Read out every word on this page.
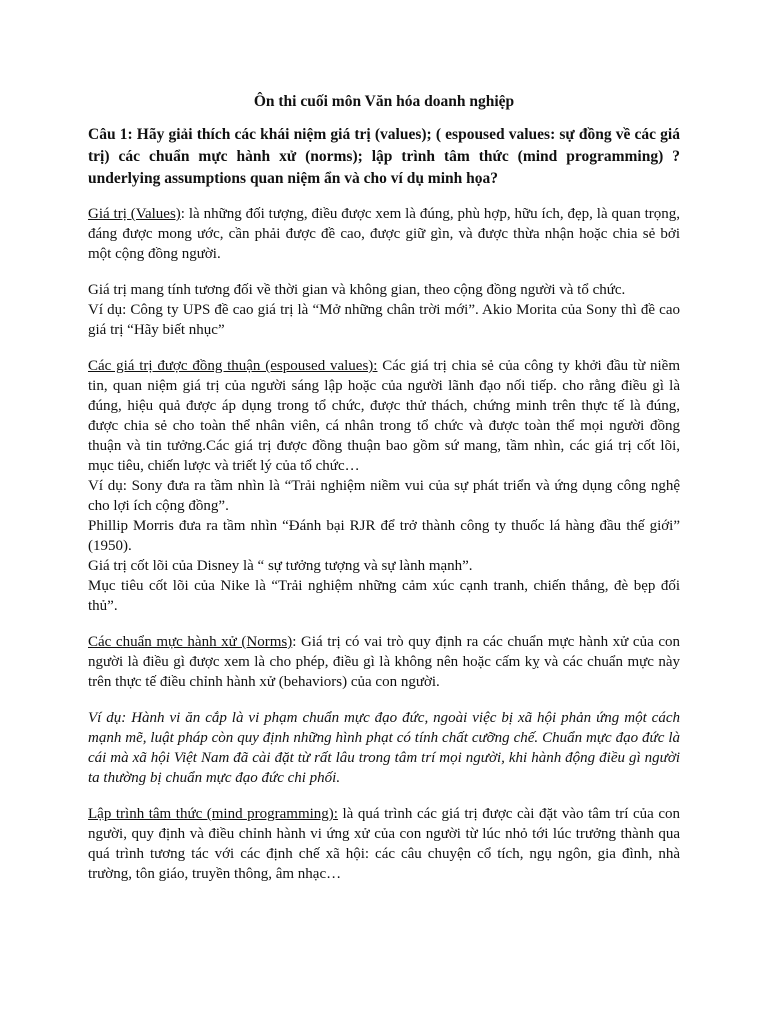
Ôn thi cuối môn Văn hóa doanh nghiệp
Câu 1: Hãy giải thích các khái niệm giá trị (values); ( espoused values: sự đồng về các giá trị) các chuẩn mực hành xử (norms); lập trình tâm thức (mind programming) ? underlying assumptions quan niệm ẩn và cho ví dụ minh họa?

Giá trị (Values): là những đối tượng, điều được xem là đúng, phù hợp, hữu ích, đẹp, là quan trọng, đáng được mong ước, cần phải được đề cao, được giữ gìn, và được thừa nhận hoặc chia sẻ bởi một cộng đồng người.

Giá trị mang tính tương đối về thời gian và không gian, theo cộng đồng người và tổ chức.

Ví dụ: Công ty UPS đề cao giá trị là “Mở những chân trời mới”. Akio Morita của Sony thì đề cao giá trị “Hãy biết nhục”

Các giá trị được đồng thuận (espoused values): Các giá trị chia sẻ của công ty khởi đầu từ niềm tin, quan niệm giá trị của người sáng lập hoặc của người lãnh đạo nối tiếp. cho rằng điều gì là đúng, hiệu quả được áp dụng trong tổ chức, được thử thách, chứng minh trên thực tế là đúng, được chia sẻ cho toàn thể nhân viên, cá nhân trong tổ chức và được toàn thể mọi người đồng thuận và tin tưởng.Các giá trị được đồng thuận bao gồm sứ mang, tầm nhìn, các giá trị cốt lõi, mục tiêu, chiến lược và triết lý của tổ chức…

Ví dụ: Sony đưa ra tầm nhìn là “Trải nghiệm niềm vui của sự phát triển và ứng dụng công nghệ cho lợi ích cộng đồng”.

Phillip Morris đưa ra tầm nhìn “Đánh bại RJR để trở thành công ty thuốc lá hàng đầu thế giới” (1950).

Giá trị cốt lõi của Disney là “ sự tưởng tượng và sự lành mạnh”.

Mục tiêu cốt lõi của Nike là “Trải nghiệm những cảm xúc cạnh tranh, chiến thắng, đè bẹp đối thủ”.

Các chuẩn mực hành xử (Norms): Giá trị có vai trò quy định ra các chuẩn mực hành xử của con người là điều gì được xem là cho phép, điều gì là không nên hoặc cấm kỵ và các chuẩn mực này trên thực tế điều chỉnh hành xử (behaviors) của con người.

Ví dụ: Hành vi ăn cắp là vi phạm chuẩn mực đạo đức, ngoài việc bị xã hội phản ứng một cách mạnh mẽ, luật pháp còn quy định những hình phạt có tính chất cưỡng chế. Chuẩn mực đạo đức là cái mà xã hội Việt Nam đã cài đặt từ rất lâu trong tâm trí mọi người, khi hành động điều gì người ta thường bị chuẩn mực đạo đức chi phối.

Lập trình tâm thức (mind programming): là quá trình các giá trị được cài đặt vào tâm trí của con người, quy định và điều chỉnh hành vi ứng xử của con người từ lúc nhỏ tới lúc trưởng thành qua quá trình tương tác với các định chế xã hội: các câu chuyện cổ tích, ngụ ngôn, gia đình, nhà trường, tôn giáo, truyền thông, âm nhạc…
